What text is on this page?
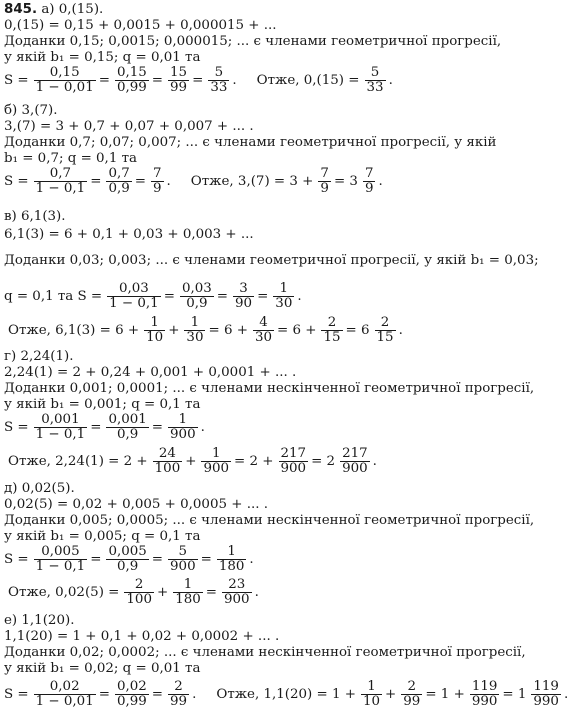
845. а) 0,(15).
0,(15) = 0,15 + 0,0015 + 0,000015 + ...
Доданки 0,15; 0,0015; 0,000015; ... є членами геометричної прогресії,
у якій b₁ = 0,15; q = 0,01 та
$S = \frac{0,15}{1 - 0,01} = \frac{0,15}{0,99} = \frac{15}{99} = \frac{5}{33}$ . Отже, $0,(15) = \frac{5}{33}$ .
б) 3,(7).
3,(7) = 3 + 0,7 + 0,07 + 0,007 + ... .
Доданки 0,7; 0,07; 0,007; ... є членами геометричної прогресії, у якій
b₁ = 0,7; q = 0,1 та
$S = \frac{0,7}{1 - 0,1} = \frac{0,7}{0,9} = \frac{7}{9}$ . Отже, $3,(7) = 3 + \frac{7}{9} = 3$ 7
9 .
в) 6,1(3).
6,1(3) = 6 + 0,1 + 0,03 + 0,003 + ...
Доданки 0,03; 0,003; ... є членами геометричної прогресії, у якій b₁ = 0,03;
q = 0,1 та $S = \frac{0,03}{1 - 0,1} = \frac{0,03}{0,9} = \frac{3}{90} = \frac{1}{30}$ .
Отже, $6,1(3) = 6 + \frac{1}{10} + \frac{1}{30} = 6 + \frac{4}{30} = 6 + \frac{2}{15} = 6$ 2
15 .
г) 2,24(1).
2,24(1) = 2 + 0,24 + 0,001 + 0,0001 + ... .
Доданки 0,001; 0,0001; ... є членами нескінченної геометричної прогресії,
у якій b₁ = 0,001; q = 0,1 та
$S = \frac{0,001}{1 - 0,1} = \frac{0,001}{0,9} = \frac{1}{900}$ .
Отже, $2,24(1) = 2 + \frac{24}{100} + \frac{1}{900} = 2 + \frac{217}{900} = 2$ 217
900 .
д) 0,02(5).
0,02(5) = 0,02 + 0,005 + 0,0005 + ... .
Доданки 0,005; 0,0005; ... є членами нескінченної геометричної прогресії,
у якій b₁ = 0,005; q = 0,1 та
$S = \frac{0,005}{1 - 0,1} = \frac{0,005}{0,9} = \frac{5}{900} = \frac{1}{180}$ .
Отже, $0,02(5) = \frac{2}{100} + \frac{1}{180} = \frac{23}{900}$ .
е) 1,1(20).
1,1(20) = 1 + 0,1 + 0,02 + 0,0002 + ... .
Доданки 0,02; 0,0002; ... є членами нескінченної геометричної прогресії,
у якій b₁ = 0,02; q = 0,01 та
$S = \frac{0,02}{1 - 0,01} = \frac{0,02}{0,99} = \frac{2}{99}$ . Отже, $1,1(20) = 1 + \frac{1}{10} + \frac{2}{99} = 1 + \frac{119}{990} = 1$ 119
990 .
